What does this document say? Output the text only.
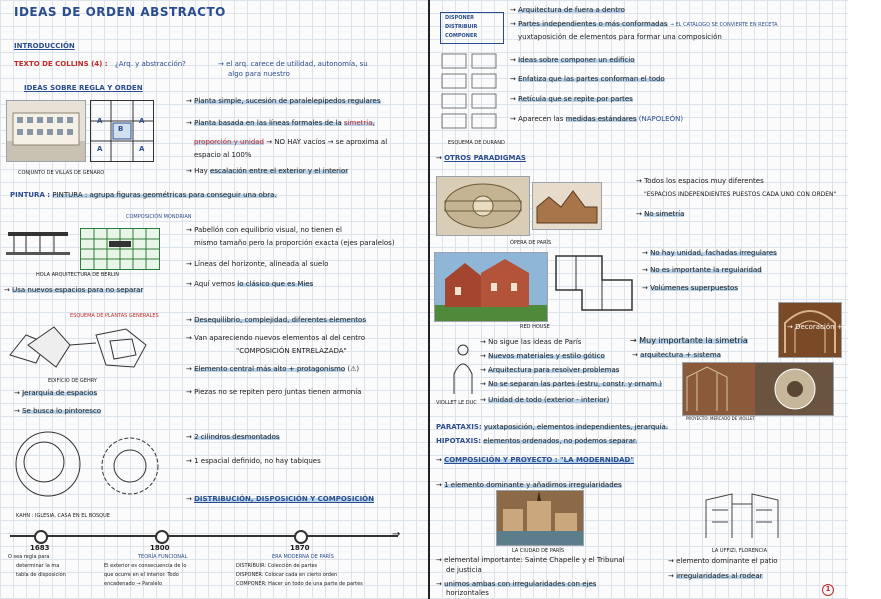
IDEAS DE ORDEN ABSTRACTO
INTRODUCCIÓN
TEXTO DE COLLINS (4) : ¿Arq. y abstracción?	→ el arq. carece de utilidad, autonomía, su
algo para nuestro
IDEAS SOBRE REGLA Y ORDEN
A
B
A
A	A
CONJUNTO DE VILLAS DE GENARO
→ Planta simple, sucesión de paralelepípedos regulares
→ Planta basada en las líneas formales de la simetría,
proporción y unidad → NO HAY vacíos → se aproxima al
espacio al 100%
→ Hay escalación entre el exterior y el interior
PINTURA : PINTURA : agrupa figuras geométricas para conseguir una obra.
COMPOSICIÓN MONDRIAN
HOLA ARQUITECTURA DE BERLIN
→ Pabellón con equilibrio visual, no tienen el
mismo tamaño pero la proporción exacta (ejes paralelos)
→ Líneas del horizonte, alineada al suelo
→ Aquí vemos lo clásico que es Mies
→ Usa nuevos espacios para no separar
ESQUEMA DE PLANTAS GENERALES
EDIFICIO DE GEHRY
→ Desequilibrio, complejidad, diferentes elementos
→ Van apareciendo nuevos elementos al del centro
"COMPOSICIÓN ENTRELAZADA"
→ Elemento central más alto + protagonismo (⚠)
→ Piezas no se repiten pero juntas tienen armonía
→ Jerarquía de espacios
→ Se busca lo pintoresco
→ 2 cilindros desmontados
→ 1 espacial definido, no hay tabiques
KAHN : IGLESIA, CASA EN EL BOSQUE
→ DISTRIBUCIÓN, DISPOSICIÓN Y COMPOSICIÓN
→
1683
O sea regla para
determinar la ma
tabla de disposición
1800
TEORÍA FUNCIONAL
El exterior es consecuencia de lo
que ocurre en el interior. Todo
encadenado → Paralelo
1870
ERA MODERNA DE PARÍS
DISTRIBUIR: Colección de partes
DISPONER: Colocar cada en cierto orden
COMPONER: Hacer un todo de una parte de partes
DISPONER
DISTRIBUIR
COMPONER
→ Arquitectura de fuera a dentro
→ Partes independientes o más conformadas → EL CATÁLOGO SE CONVIERTE EN RECETA
yuxtaposición de elementos para formar una composición
ESQUEMA DE DURAND
→ Ideas sobre componer un edificio
→ Enfatiza que las partes conforman el todo
→ Retícula que se repite por partes
→ Aparecen las medidas estándares (NAPOLEÓN)
→ OTROS PARADIGMAS
ÓPERA DE PARÍS
→ Todos los espacios muy diferentes
"ESPACIOS INDEPENDIENTES PUESTOS CADA UNO CON ORDEN"
→ No simetría
RED HOUSE
→ No hay unidad, fachadas irregulares
→ No es importante la regularidad
→ Volúmenes superpuestos
VIOLLET LE DUC
→ No sigue las ideas de París	→ Muy importante la simetría
→ Nuevos materiales y estilo gótico	→ arquitectura + sistema
→ Arquitectura para resolver problemas
→ No se separan las partes (estru, constr. y ornam.)
→ Unidad de todo (exterior - interior)
→ Decoración + estructura
PROYECTO: MERCADO DE VIOLLET
PARATAXIS: yuxtaposición, elementos independientes, jerarquía.
HIPOTAXIS: elementos ordenados, no podemos separar.
→ COMPOSICIÓN Y PROYECTO : "LA MODERNIDAD"
→ 1 elemento dominante y añadimos irregularidades
LA CIUDAD DE PARÍS
→ elemental importante: Sainte Chapelle y el Tribunal
de justicia
→ unimos ambas con irregularidades con ejes
horizontales
LA UFFIZI, FLORENCIA
→ elemento dominante el patio
→ irregularidades al rodear
1
